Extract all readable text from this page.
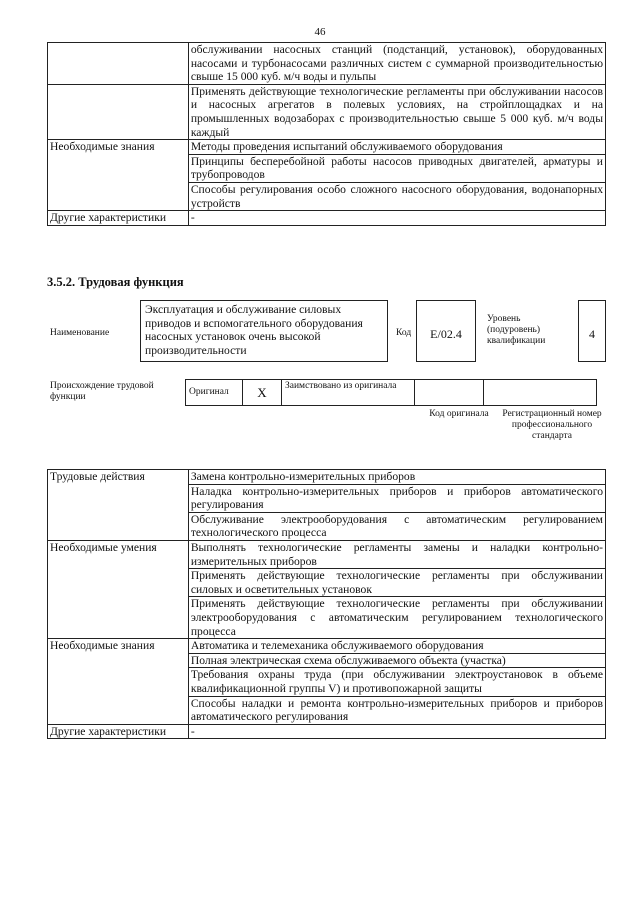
46
	обслуживании насосных станций (подстанций, установок), оборудованных насосами и турбонасосами различных систем с суммарной производительностью свыше 15 000 куб. м/ч воды и пульпы
	Применять действующие технологические регламенты при обслуживании насосов и насосных агрегатов в полевых условиях, на стройплощадках и на промышленных водозаборах с производительностью свыше 5 000 куб. м/ч воды каждый
Необходимые знания	Методы проведения испытаний обслуживаемого оборудования
	Принципы бесперебойной работы насосов приводных двигателей, арматуры и трубопроводов
	Способы регулирования особо сложного насосного оборудования, водонапорных устройств
Другие характеристики	-
3.5.2. Трудовая функция
Наименование
Эксплуатация и обслуживание силовых приводов и вспомогательного оборудования насосных установок очень высокой производительности
Код	E/02.4
Уровень (подуровень) квалификации	4
Происхождение трудовой функции	Оригинал	X	Заимствовано из оригинала
Код оригинала	Регистрационный номер профессионального стандарта
Трудовые действия	Замена контрольно-измерительных приборов
	Наладка контрольно-измерительных приборов и приборов автоматического регулирования
	Обслуживание электрооборудования с автоматическим регулированием технологического процесса
Необходимые умения	Выполнять технологические регламенты замены и наладки контрольно-измерительных приборов
	Применять действующие технологические регламенты при обслуживании силовых и осветительных установок
	Применять действующие технологические регламенты при обслуживании электрооборудования с автоматическим регулированием технологического процесса
Необходимые знания	Автоматика и телемеханика обслуживаемого оборудования
	Полная электрическая схема обслуживаемого объекта (участка)
	Требования охраны труда (при обслуживании электроустановок в объеме квалификационной группы V) и противопожарной защиты
	Способы наладки и ремонта контрольно-измерительных приборов и приборов автоматического регулирования
Другие характеристики	-
